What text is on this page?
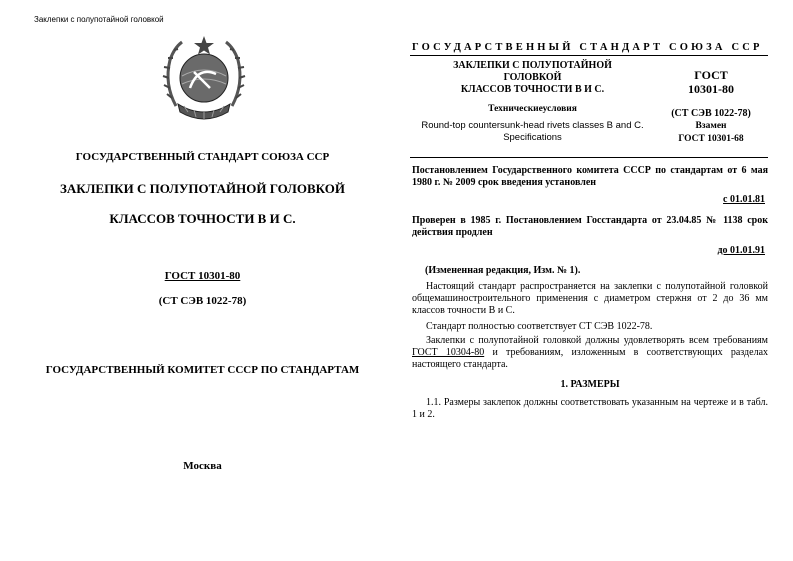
Заклепки с полупотайной головкой
ГОСУДАРСТВЕННЫЙ СТАНДАРТ СОЮЗА ССР
ЗАКЛЕПКИ С ПОЛУПОТАЙНОЙ ГОЛОВКОЙ
КЛАССОВ ТОЧНОСТИ В И С.
ГОСТ 10301-80
(СТ СЭВ 1022-78)
ГОСУДАРСТВЕННЫЙ КОМИТЕТ СССР ПО СТАНДАРТАМ
Москва
ГОСУДАРСТВЕННЫЙ СТАНДАРТ СОЮЗА ССР
ЗАКЛЕПКИ С ПОЛУПОТАЙНОЙ
ГОЛОВКОЙ
КЛАССОВ ТОЧНОСТИ В И С.
Техническиеусловия
Round-top countersunk-head rivets classes B and C.
Specifications
ГОСТ
10301-80
(СТ СЭВ 1022-78)
Взамен
ГОСТ 10301-68
Постановлением Государственного комитета СССР по стандартам от 6 мая 1980 г. № 2009 срок введения установлен
с 01.01.81
Проверен в 1985 г. Постановлением Госстандарта от 23.04.85 № 1138 срок действия продлен
до 01.01.91
(Измененная редакция, Изм. № 1).
Настоящий стандарт распространяется на заклепки с полупотайной головкой общемашиностроительного применения с диаметром стержня от 2 до 36 мм классов точности В и С.
Стандарт полностью соответствует СТ СЭВ 1022-78.
Заклепки с полупотайной головкой должны удовлетворять всем требованиям ГОСТ 10304-80 и требованиям, изложенным в соответствующих разделах настоящего стандарта.
1. РАЗМЕРЫ
1.1. Размеры заклепок должны соответствовать указанным на чертеже и в табл. 1 и 2.
